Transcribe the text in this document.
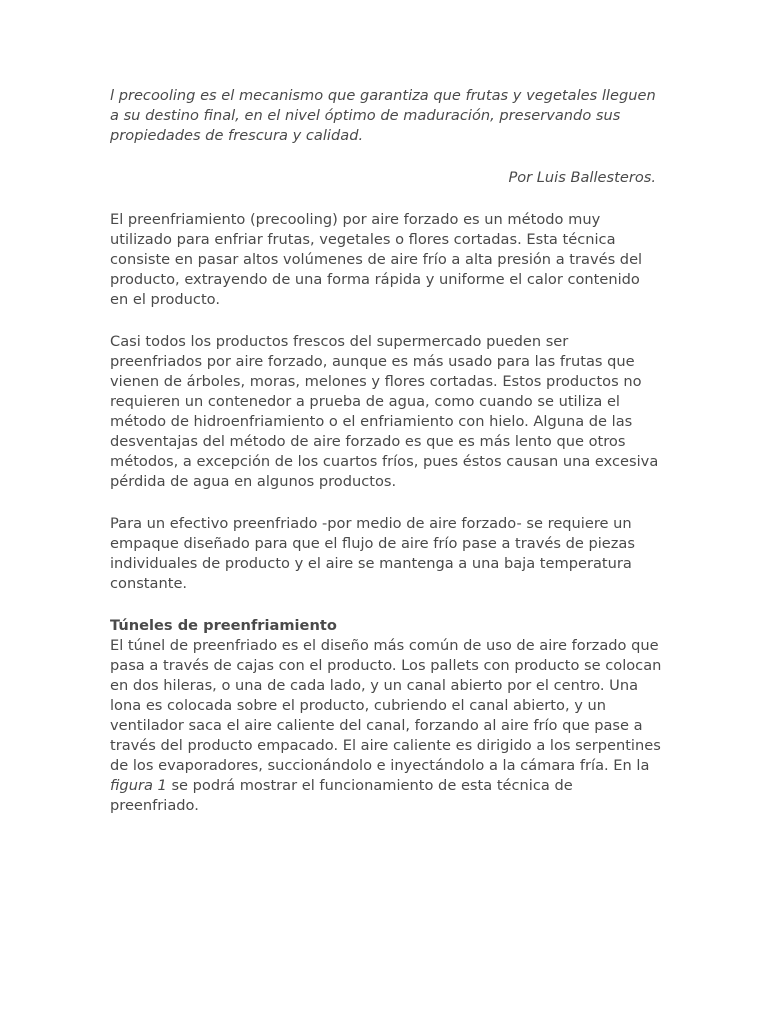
l precooling es el mecanismo que garantiza que frutas y vegetales lleguen a su destino final, en el nivel óptimo de maduración, preservando sus propiedades de frescura y calidad.

Por Luis Ballesteros.

El preenfriamiento (precooling) por aire forzado es un método muy utilizado para enfriar frutas, vegetales o flores cortadas. Esta técnica consiste en pasar altos volúmenes de aire frío a alta presión a través del producto, extrayendo de una forma rápida y uniforme el calor contenido en el producto.

Casi todos los productos frescos del supermercado pueden ser preenfriados por aire forzado, aunque es más usado para las frutas que vienen de árboles, moras, melones y flores cortadas. Estos productos no requieren un contenedor a prueba de agua, como cuando se utiliza el método de hidroenfriamiento o el enfriamiento con hielo. Alguna de las desventajas del método de aire forzado es que es más lento que otros métodos, a excepción de los cuartos fríos, pues éstos causan una excesiva pérdida de agua en algunos productos.

Para un efectivo preenfriado -por medio de aire forzado- se requiere un empaque diseñado para que el flujo de aire frío pase a través de piezas individuales de producto y el aire se mantenga a una baja temperatura constante.

Túneles de preenfriamiento

El túnel de preenfriado es el diseño más común de uso de aire forzado que pasa a través de cajas con el producto. Los pallets con producto se colocan en dos hileras, o una de cada lado, y un canal abierto por el centro. Una lona es colocada sobre el producto, cubriendo el canal abierto, y un ventilador saca el aire caliente del canal, forzando al aire frío que pase a través del producto empacado. El aire caliente es dirigido a los serpentines de los evaporadores, succionándolo e inyectándolo a la cámara fría. En la figura 1 se podrá mostrar el funcionamiento de esta técnica de preenfriado.
